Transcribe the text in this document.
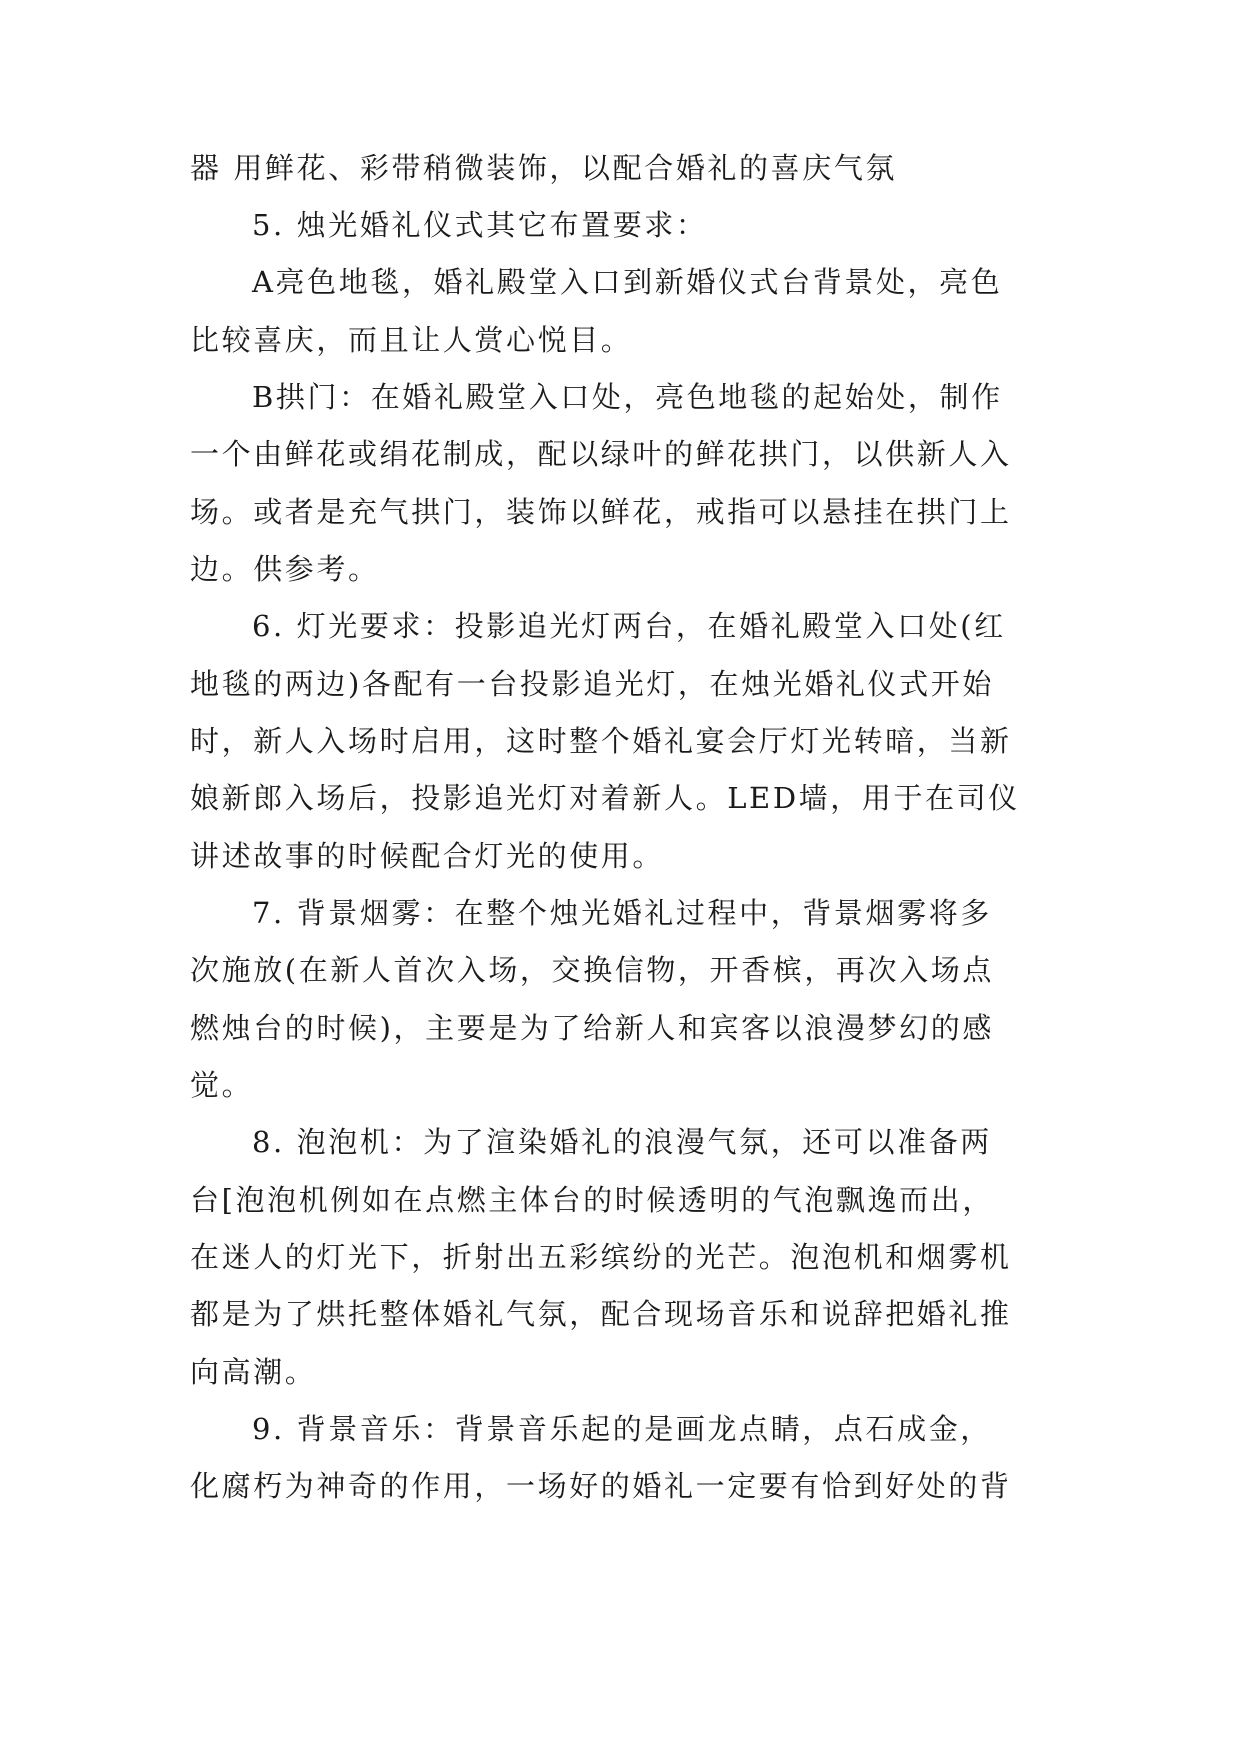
器 用鲜花、彩带稍微装饰，以配合婚礼的喜庆气氛
5. 烛光婚礼仪式其它布置要求：
A亮色地毯，婚礼殿堂入口到新婚仪式台背景处，亮色
比较喜庆，而且让人赏心悦目。
B拱门：在婚礼殿堂入口处，亮色地毯的起始处，制作
一个由鲜花或绢花制成，配以绿叶的鲜花拱门，以供新人入
场。或者是充气拱门，装饰以鲜花，戒指可以悬挂在拱门上
边。供参考。
6. 灯光要求：投影追光灯两台，在婚礼殿堂入口处(红
地毯的两边)各配有一台投影追光灯，在烛光婚礼仪式开始
时，新人入场时启用，这时整个婚礼宴会厅灯光转暗，当新
娘新郎入场后，投影追光灯对着新人。LED墙，用于在司仪
讲述故事的时候配合灯光的使用。
7. 背景烟雾：在整个烛光婚礼过程中，背景烟雾将多
次施放(在新人首次入场，交换信物，开香槟，再次入场点
燃烛台的时候)，主要是为了给新人和宾客以浪漫梦幻的感
觉。
8. 泡泡机：为了渲染婚礼的浪漫气氛，还可以准备两
台[泡泡机例如在点燃主体台的时候透明的气泡飘逸而出，
在迷人的灯光下，折射出五彩缤纷的光芒。泡泡机和烟雾机
都是为了烘托整体婚礼气氛，配合现场音乐和说辞把婚礼推
向高潮。
9. 背景音乐：背景音乐起的是画龙点睛，点石成金，
化腐朽为神奇的作用，一场好的婚礼一定要有恰到好处的背
